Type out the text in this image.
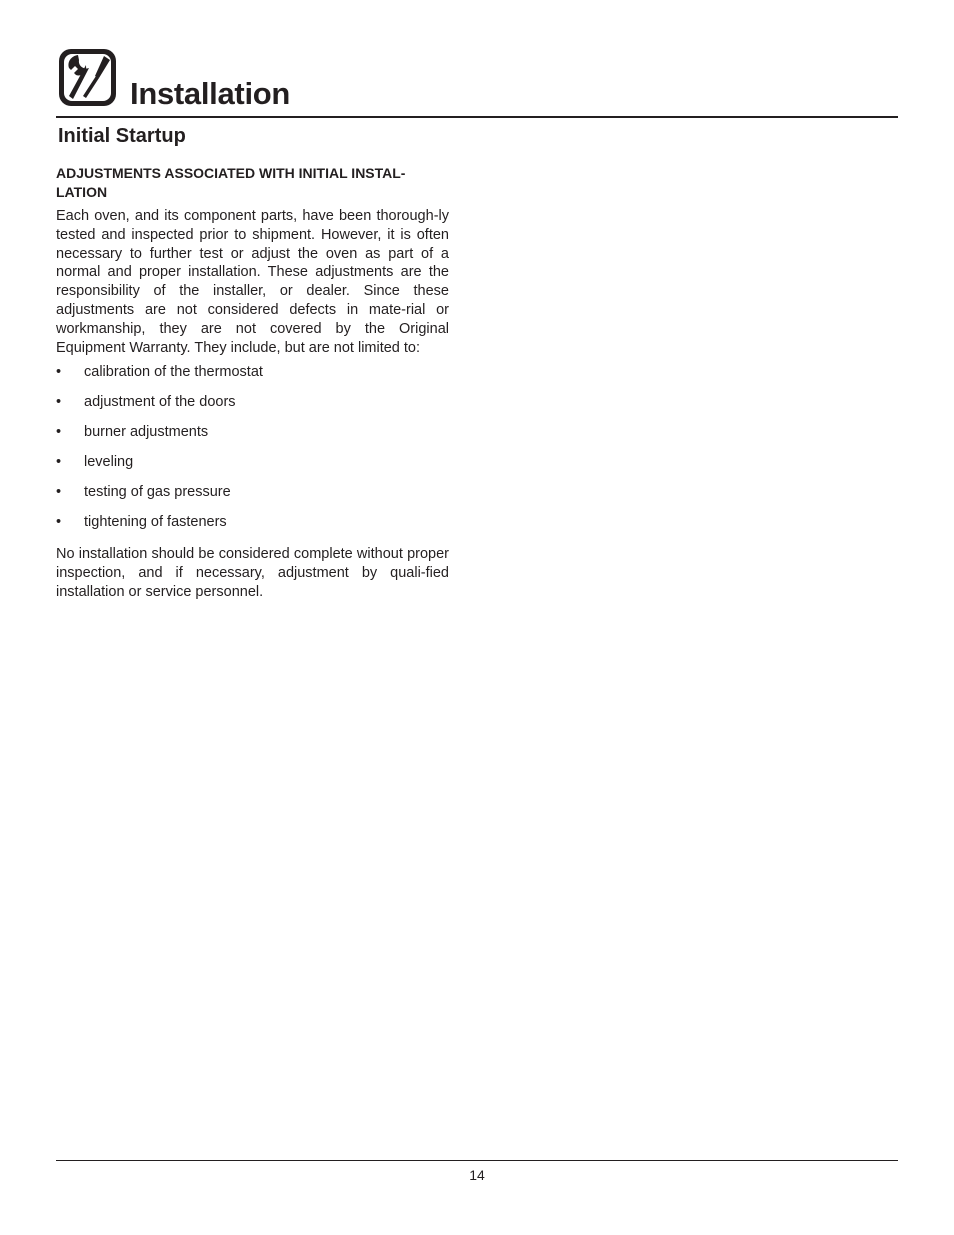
Installation
Initial Startup
ADJUSTMENTS ASSOCIATED WITH INITIAL INSTAL-
LATION

Each oven, and its component parts, have been thorough-ly tested and inspected prior to shipment. However, it is often necessary to further test or adjust the oven as part of a normal and proper installation. These adjustments are the responsibility of the installer, or dealer. Since these adjustments are not considered defects in mate-rial or workmanship, they are not covered by the Original Equipment Warranty. They include, but are not limited to:

• calibration of the thermostat
• adjustment of the doors
• burner adjustments
• leveling
• testing of gas pressure
• tightening of fasteners

No installation should be considered complete without proper inspection, and if necessary, adjustment by quali-fied installation or service personnel.

14
